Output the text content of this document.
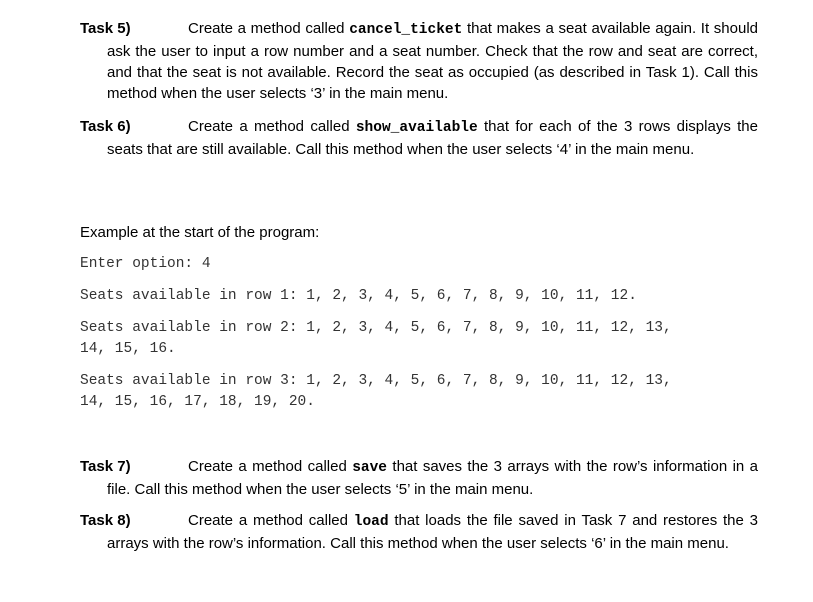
Task 5)	Create a method called cancel_ticket that makes a seat available again. It should ask the user to input a row number and a seat number. Check that the row and seat are correct, and that the seat is not available. Record the seat as occupied (as described in Task 1). Call this method when the user selects ‘3’ in the main menu.

Task 6)	Create a method called show_available that for each of the 3 rows displays the seats that are still available. Call this method when the user selects ‘4’ in the main menu.

Example at the start of the program:
Enter option: 4
Seats available in row 1: 1, 2, 3, 4, 5, 6, 7, 8, 9, 10, 11, 12.
Seats available in row 2: 1, 2, 3, 4, 5, 6, 7, 8, 9, 10, 11, 12, 13,
14, 15, 16.
Seats available in row 3: 1, 2, 3, 4, 5, 6, 7, 8, 9, 10, 11, 12, 13,
14, 15, 16, 17, 18, 19, 20.

Task 7)	Create a method called save that saves the 3 arrays with the row’s information in a file. Call this method when the user selects ‘5’ in the main menu.

Task 8)	Create a method called load that loads the file saved in Task 7 and restores the 3 arrays with the row’s information. Call this method when the user selects ‘6’ in the main menu.
